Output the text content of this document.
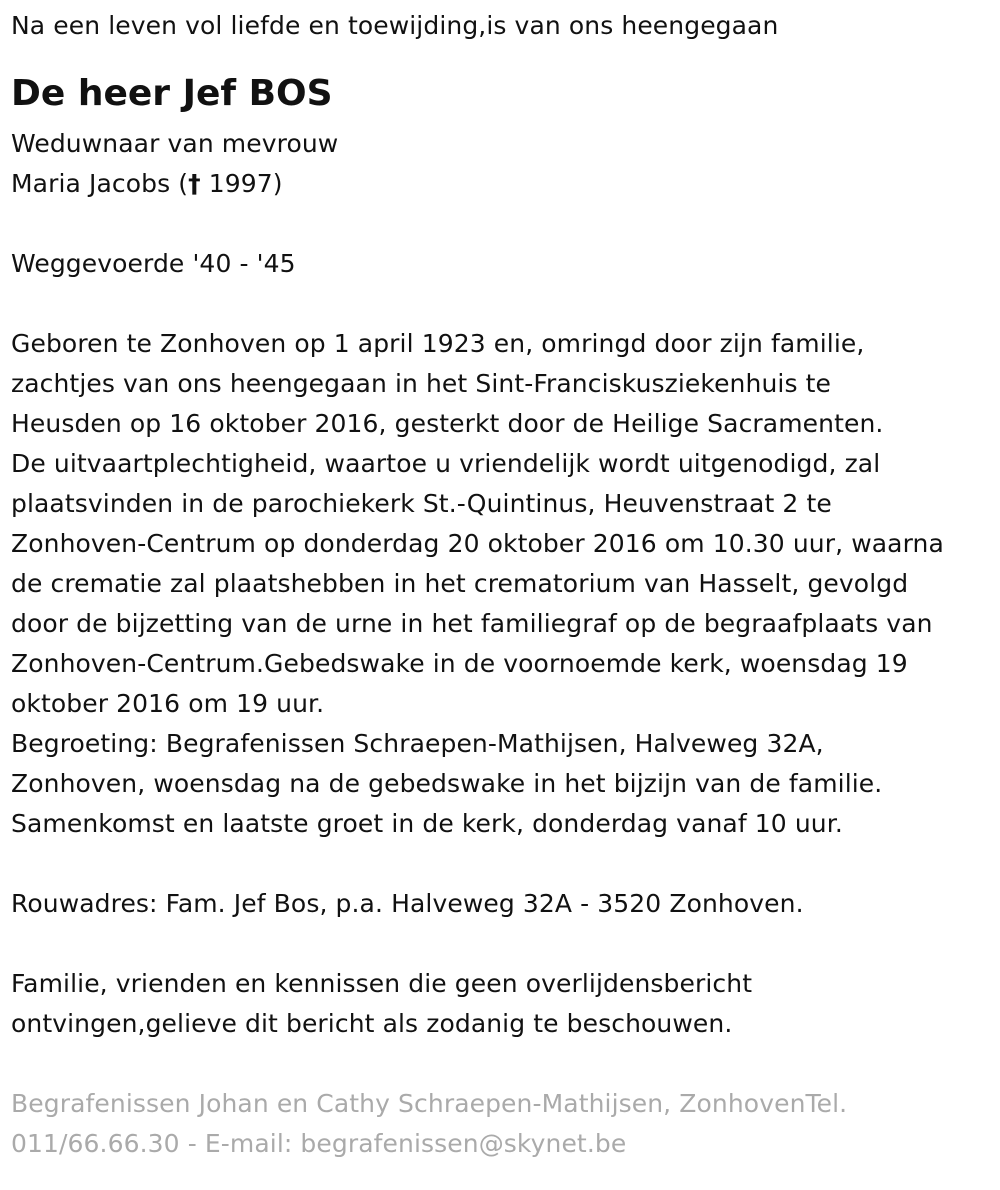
Na een leven vol liefde en toewijding,is van ons heengegaan
De heer Jef BOS
Weduwnaar van mevrouw
Maria Jacobs († 1997)
Weggevoerde '40 - '45
Geboren te Zonhoven op 1 april 1923 en, omringd door zijn familie,
zachtjes van ons heengegaan in het Sint-Franciskusziekenhuis te
Heusden op 16 oktober 2016, gesterkt door de Heilige Sacramenten.
De uitvaartplechtigheid, waartoe u vriendelijk wordt uitgenodigd, zal
plaatsvinden in de parochiekerk St.-Quintinus, Heuvenstraat 2 te
Zonhoven-Centrum op donderdag 20 oktober 2016 om 10.30 uur, waarna
de crematie zal plaatshebben in het crematorium van Hasselt, gevolgd
door de bijzetting van de urne in het familiegraf op de begraafplaats van
Zonhoven-Centrum.Gebedswake in de voornoemde kerk, woensdag 19
oktober 2016 om 19 uur.
Begroeting: Begrafenissen Schraepen-Mathijsen, Halveweg 32A,
Zonhoven, woensdag na de gebedswake in het bijzijn van de familie.
Samenkomst en laatste groet in de kerk, donderdag vanaf 10 uur.
Rouwadres: Fam. Jef Bos, p.a. Halveweg 32A - 3520 Zonhoven.
Familie, vrienden en kennissen die geen overlijdensbericht
ontvingen,gelieve dit bericht als zodanig te beschouwen.
Begrafenissen Johan en Cathy Schraepen-Mathijsen, ZonhovenTel.
011/66.66.30 - E-mail: begrafenissen@skynet.be
